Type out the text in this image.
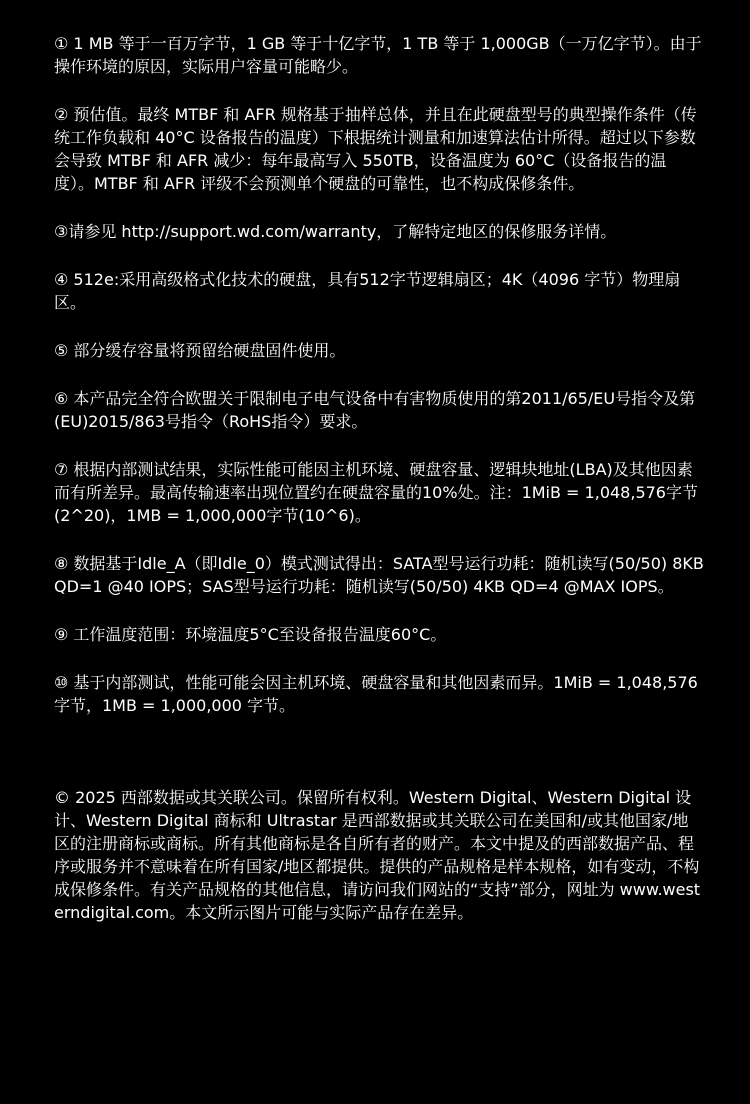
① 1 MB 等于一百万字节，1 GB 等于十亿字节，1 TB 等于 1,000GB（一万亿字节）。由于操作环境的原因，实际用户容量可能略少。

② 预估值。最终 MTBF 和 AFR 规格基于抽样总体，并且在此硬盘型号的典型操作条件（传统工作负载和 40°C 设备报告的温度）下根据统计测量和加速算法估计所得。超过以下参数会导致 MTBF 和 AFR 减少：每年最高写入 550TB，设备温度为 60°C（设备报告的温度）。MTBF 和 AFR 评级不会预测单个硬盘的可靠性，也不构成保修条件。

③请参见 http://support.wd.com/warranty，了解特定地区的保修服务详情。

④ 512e:采用高级格式化技术的硬盘，具有512字节逻辑扇区；4K（4096 字节）物理扇区。

⑤ 部分缓存容量将预留给硬盘固件使用。

⑥ 本产品完全符合欧盟关于限制电子电气设备中有害物质使用的第2011/65/EU号指令及第(EU)2015/863号指令（RoHS指令）要求。

⑦ 根据内部测试结果，实际性能可能因主机环境、硬盘容量、逻辑块地址(LBA)及其他因素而有所差异。最高传输速率出现位置约在硬盘容量的10%处。注：1MiB = 1,048,576字节(2^20)，1MB = 1,000,000字节(10^6)。

⑧ 数据基于Idle_A（即Idle_0）模式测试得出：SATA型号运行功耗：随机读写(50/50) 8KB QD=1 @40 IOPS；SAS型号运行功耗：随机读写(50/50) 4KB QD=4 @MAX IOPS。

⑨ 工作温度范围：环境温度5°C至设备报告温度60°C。

⑩ 基于内部测试，性能可能会因主机环境、硬盘容量和其他因素而异。1MiB = 1,048,576 字节，1MB = 1,000,000 字节。

© 2025 西部数据或其关联公司。保留所有权利。Western Digital、Western Digital 设计、Western Digital 商标和 Ultrastar 是西部数据或其关联公司在美国和/或其他国家/地区的注册商标或商标。所有其他商标是各自所有者的财产。本文中提及的西部数据产品、程序或服务并不意味着在所有国家/地区都提供。提供的产品规格是样本规格，如有变动，不构成保修条件。有关产品规格的其他信息，请访问我们网站的“支持”部分，网址为 www.westerndigital.com。本文所示图片可能与实际产品存在差异。
